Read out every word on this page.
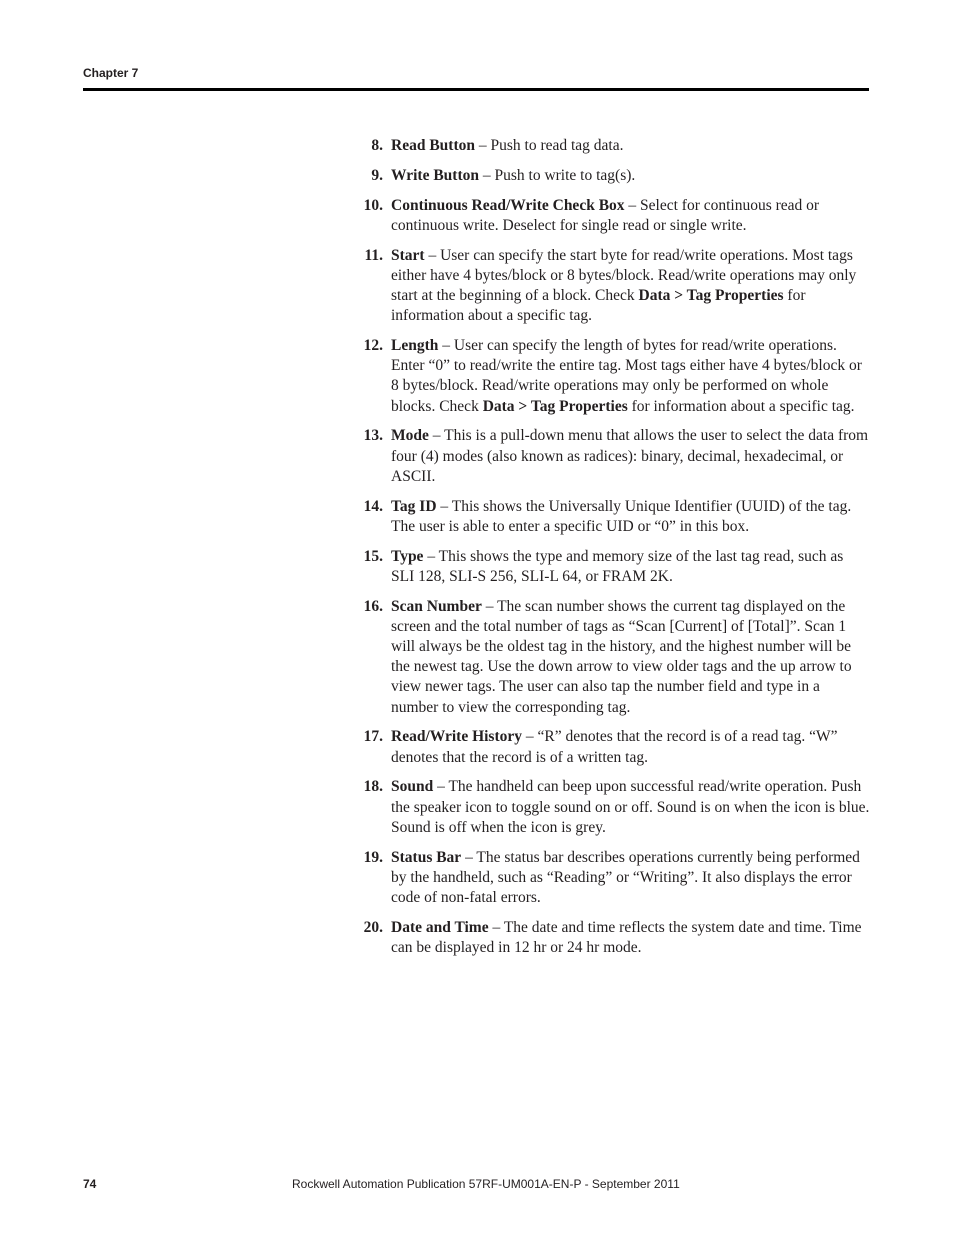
Chapter 7
8. Read Button – Push to read tag data.
9. Write Button – Push to write to tag(s).
10. Continuous Read/Write Check Box – Select for continuous read or continuous write. Deselect for single read or single write.
11. Start – User can specify the start byte for read/write operations. Most tags either have 4 bytes/block or 8 bytes/block. Read/write operations may only start at the beginning of a block. Check Data > Tag Properties for information about a specific tag.
12. Length – User can specify the length of bytes for read/write operations. Enter “0” to read/write the entire tag. Most tags either have 4 bytes/block or 8 bytes/block. Read/write operations may only be performed on whole blocks. Check Data > Tag Properties for information about a specific tag.
13. Mode – This is a pull-down menu that allows the user to select the data from four (4) modes (also known as radices): binary, decimal, hexadecimal, or ASCII.
14. Tag ID – This shows the Universally Unique Identifier (UUID) of the tag. The user is able to enter a specific UID or “0” in this box.
15. Type – This shows the type and memory size of the last tag read, such as SLI 128, SLI-S 256, SLI-L 64, or FRAM 2K.
16. Scan Number – The scan number shows the current tag displayed on the screen and the total number of tags as “Scan [Current] of [Total]”. Scan 1 will always be the oldest tag in the history, and the highest number will be the newest tag. Use the down arrow to view older tags and the up arrow to view newer tags. The user can also tap the number field and type in a number to view the corresponding tag.
17. Read/Write History – “R” denotes that the record is of a read tag. “W” denotes that the record is of a written tag.
18. Sound – The handheld can beep upon successful read/write operation. Push the speaker icon to toggle sound on or off. Sound is on when the icon is blue. Sound is off when the icon is grey.
19. Status Bar – The status bar describes operations currently being performed by the handheld, such as “Reading” or “Writing”. It also displays the error code of non-fatal errors.
20. Date and Time – The date and time reflects the system date and time. Time can be displayed in 12 hr or 24 hr mode.
74	Rockwell Automation Publication 57RF-UM001A-EN-P - September 2011
